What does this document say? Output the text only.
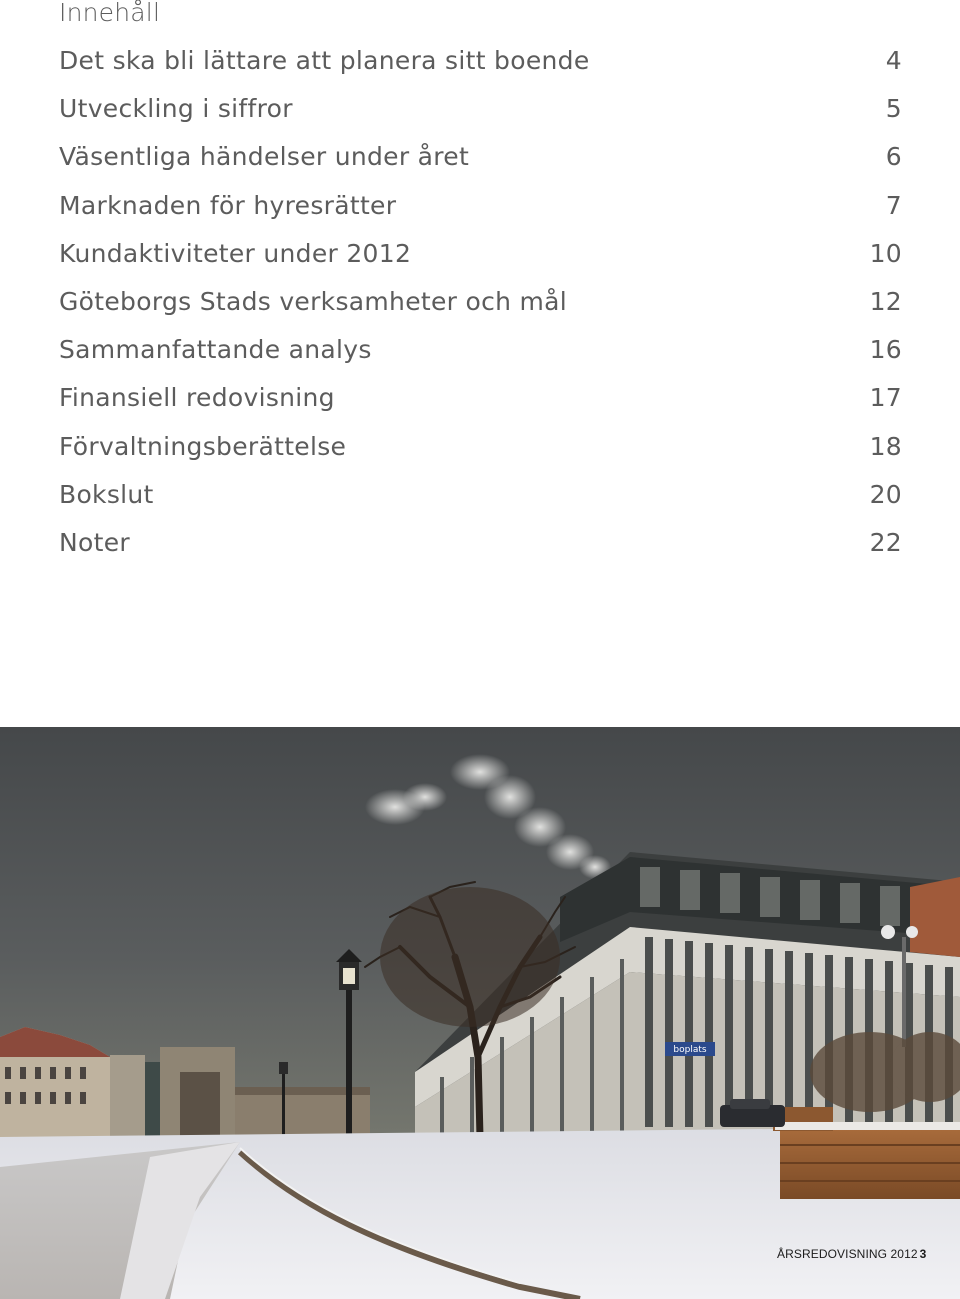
Innehåll
Det ska bli lättare att planera sitt boende	4
Utveckling i siffror	5
Väsentliga händelser under året	6
Marknaden för hyresrätter	7
Kundaktiviteter under 2012	10
Göteborgs Stads verksamheter och mål	12
Sammanfattande analys	16
Finansiell redovisning	17
Förvaltningsberättelse	18
Bokslut	20
Noter	22
boplats
ÅRSREDOVISNING 2012 3
